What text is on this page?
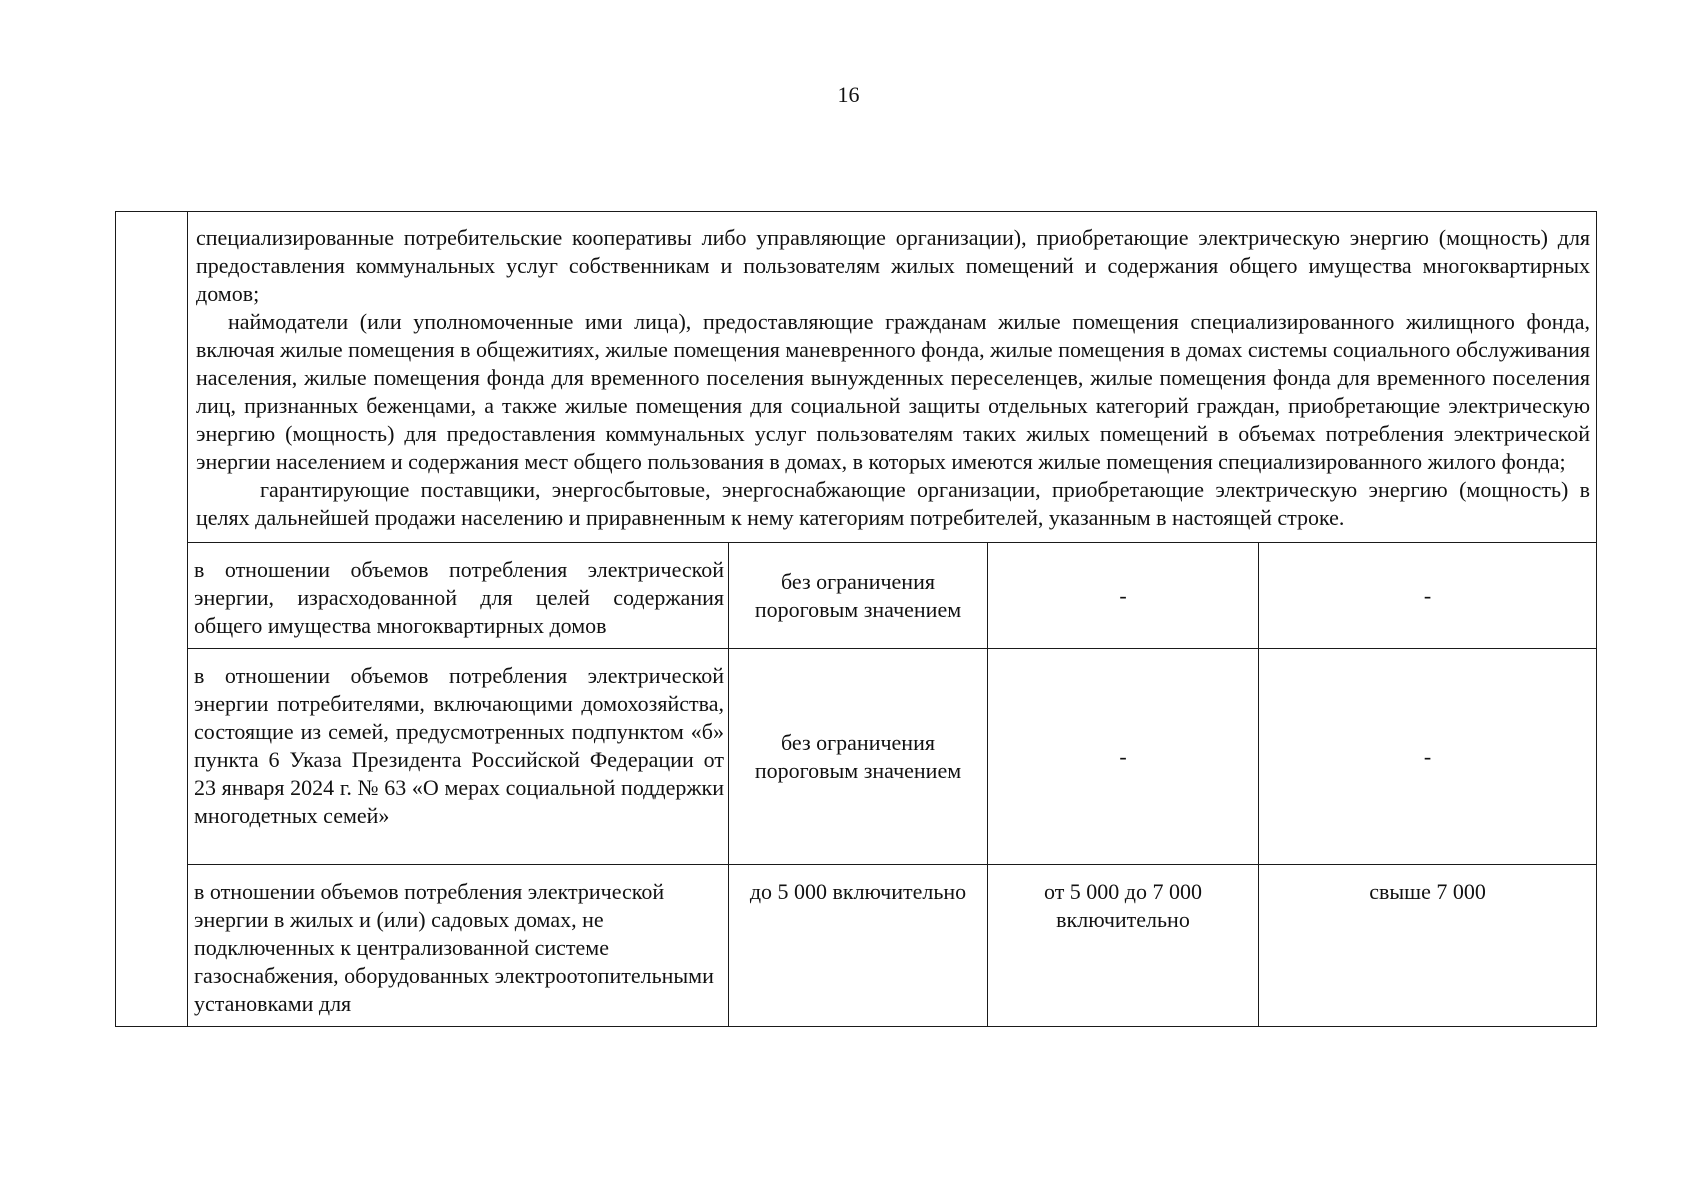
16

	специализированные потребительские кооперативы либо управляющие организации), приобретающие электрическую энергию (мощность) для предоставления коммунальных услуг собственникам и пользователям жилых помещений и содержания общего имущества многоквартирных домов;

наймодатели (или уполномоченные ими лица), предоставляющие гражданам жилые помещения специализированного жилищного фонда, включая жилые помещения в общежитиях, жилые помещения маневренного фонда, жилые помещения в домах системы социального обслуживания населения, жилые помещения фонда для временного поселения вынужденных переселенцев, жилые помещения фонда для временного поселения лиц, признанных беженцами, а также жилые помещения для социальной защиты отдельных категорий граждан, приобретающие электрическую энергию (мощность) для предоставления коммунальных услуг пользователям таких жилых помещений в объемах потребления электрической энергии населением и содержания мест общего пользования в домах, в которых имеются жилые помещения специализированного жилого фонда;

гарантирующие поставщики, энергосбытовые, энергоснабжающие организации, приобретающие электрическую энергию (мощность) в целях дальнейшей продажи населению и приравненным к нему категориям потребителей, указанным в настоящей строке.			

	в отношении объемов потребления электрической энергии, израсходованной для целей содержания общего имущества многоквартирных домов	без ограничения пороговым значением	-	-
	в отношении объемов потребления электрической энергии потребителями, включающими домохозяйства, состоящие из семей, предусмотренных подпунктом «б» пункта 6 Указа Президента Российской Федерации от 23 января 2024 г. № 63 «О мерах социальной поддержки многодетных семей»	без ограничения пороговым значением	-	-
	в отношении объемов потребления электрической энергии в жилых и (или) садовых домах, не подключенных к централизованной системе газоснабжения, оборудованных электроотопительными установками для	до 5 000 включительно	от 5 000 до 7 000 включительно	свыше 7 000
